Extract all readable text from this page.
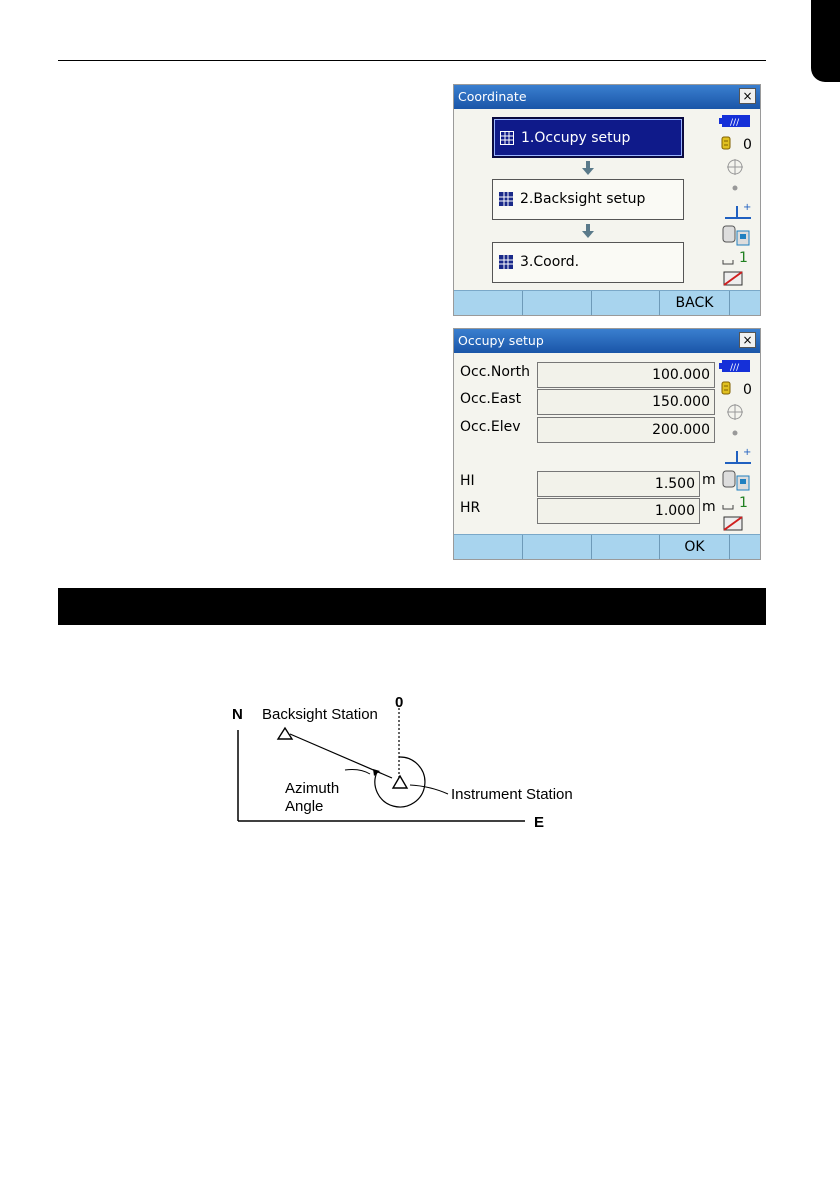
Coordinate	×
1.Occupy setup
2.Backsight setup
3.Coord.
///
0
+
1
BACK
Occupy setup	×
Occ.North	100.000
Occ.East	150.000
Occ.Elev	200.000
HI	1.500 m
HR	1.000 m
///
0
+
1
OK
N
E
0
Backsight Station
Instrument Station
Azimuth
Angle
